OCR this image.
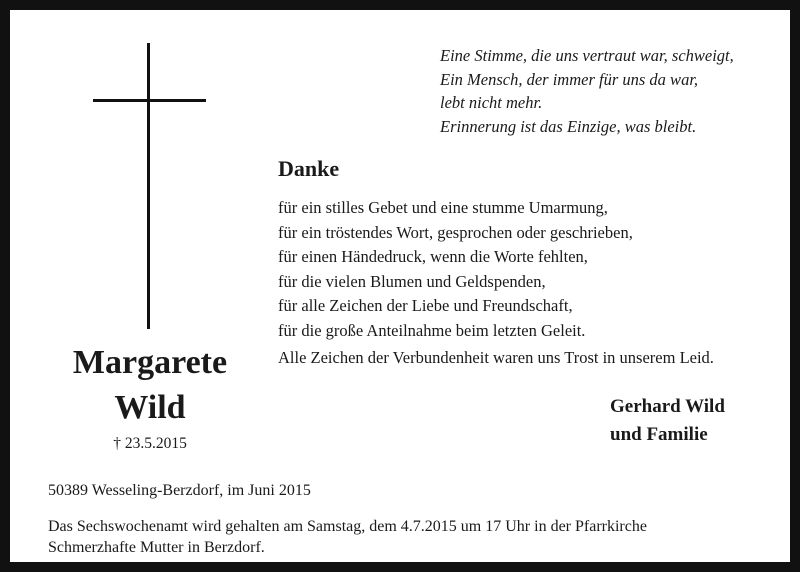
Eine Stimme, die uns vertraut war, schweigt,
Ein Mensch, der immer für uns da war,
lebt nicht mehr.
Erinnerung ist das Einzige, was bleibt.
Danke
für ein stilles Gebet und eine stumme Umarmung,
für ein tröstendes Wort, gesprochen oder geschrieben,
für einen Händedruck, wenn die Worte fehlten,
für die vielen Blumen und Geldspenden,
für alle Zeichen der Liebe und Freundschaft,
für die große Anteilnahme beim letzten Geleit.
Alle Zeichen der Verbundenheit waren uns Trost in unserem Leid.
Margarete
Wild
† 23.5.2015
Gerhard Wild
und Familie
50389 Wesseling-Berzdorf, im Juni 2015
Das Sechswochenamt wird gehalten am Samstag, dem 4.7.2015 um 17 Uhr in der Pfarrkirche
Schmerzhafte Mutter in Berzdorf.
